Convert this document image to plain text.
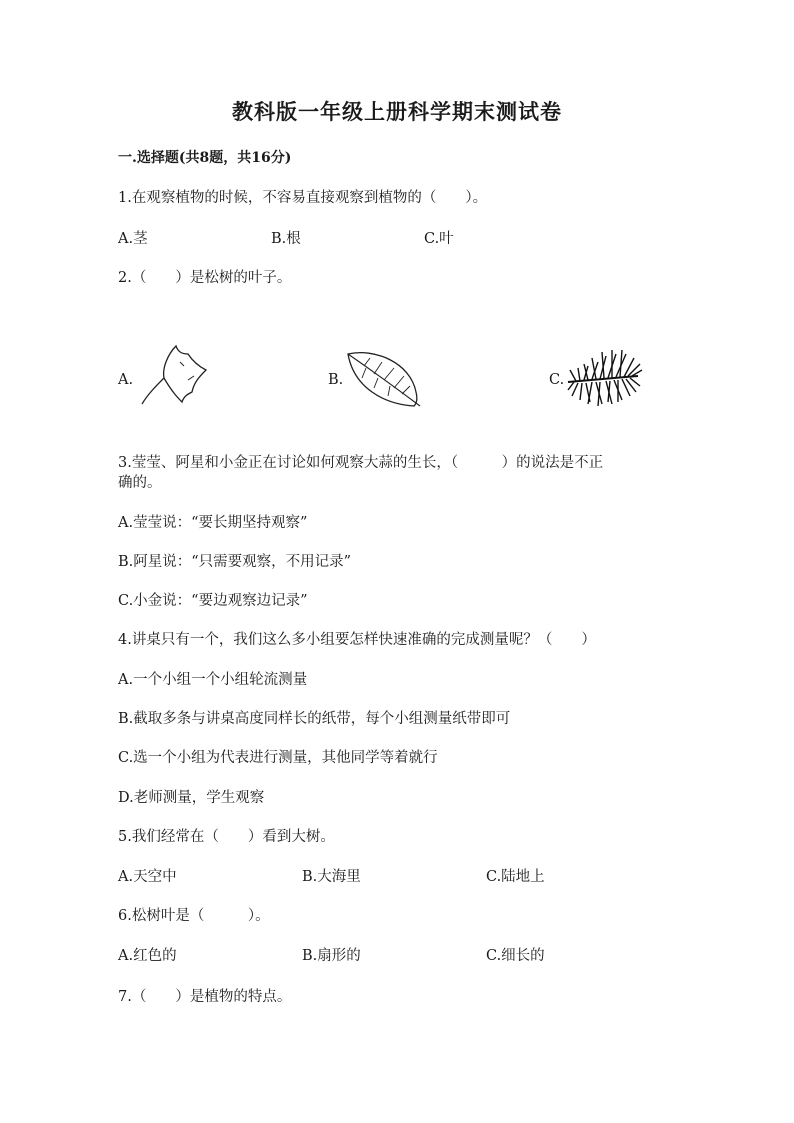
教科版一年级上册科学期末测试卷
一.选择题(共8题，共16分)
1.在观察植物的时候，不容易直接观察到植物的（　　）。
A.茎	B.根	C.叶
2.（　　）是松树的叶子。
A.	B.	C.
3.莹莹、阿星和小金正在讨论如何观察大蒜的生长，（　　　）的说法是不正
确的。
A.莹莹说：“要长期坚持观察”
B.阿星说：“只需要观察，不用记录”
C.小金说：“要边观察边记录”
4.讲桌只有一个，我们这么多小组要怎样快速准确的完成测量呢？（　　）
A.一个小组一个小组轮流测量
B.截取多条与讲桌高度同样长的纸带，每个小组测量纸带即可
C.选一个小组为代表进行测量，其他同学等着就行
D.老师测量，学生观察
5.我们经常在（　　）看到大树。
A.天空中	B.大海里	C.陆地上
6.松树叶是（　　　）。
A.红色的	B.扇形的	C.细长的
7.（　　）是植物的特点。
